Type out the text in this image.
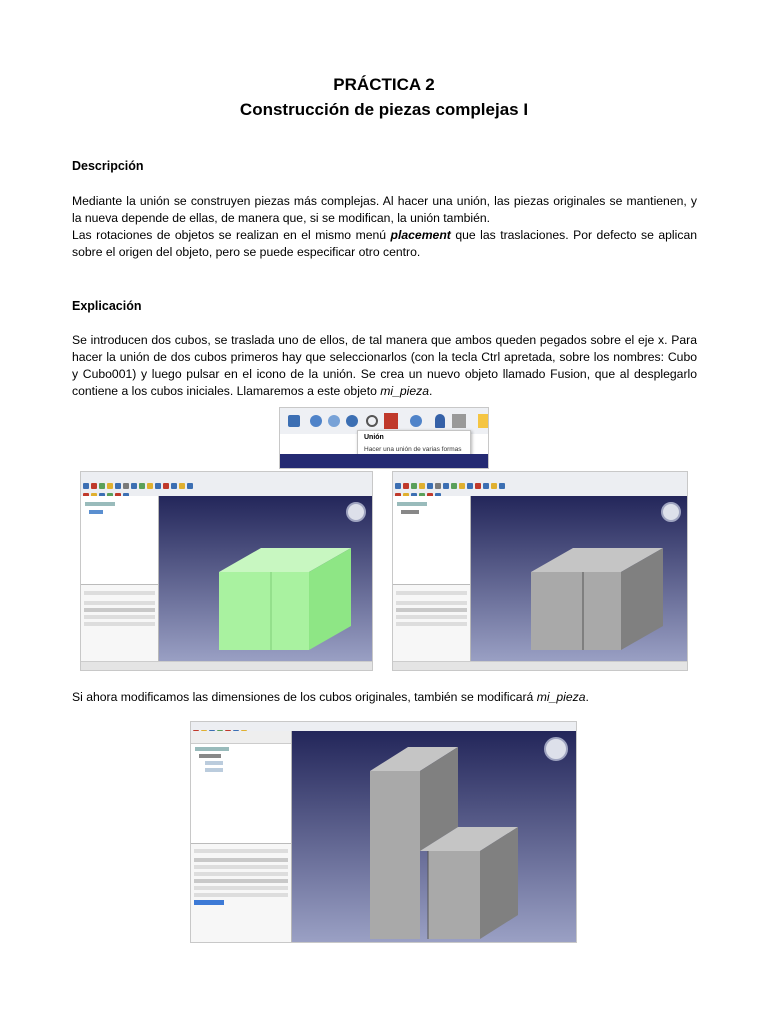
PRÁCTICA 2
Construcción de piezas complejas I
Descripción
Mediante la unión se construyen piezas más complejas. Al hacer una unión, las piezas originales se mantienen, y la nueva depende de ellas, de manera que, si se modifican, la unión también.
Las rotaciones de objetos se realizan en el mismo menú placement que las traslaciones. Por defecto se aplican sobre el origen del objeto, pero se puede especificar otro centro.
Explicación
Se introducen dos cubos, se traslada uno de ellos, de tal manera que ambos queden pegados sobre el eje x. Para hacer la unión de dos cubos primeros hay que seleccionarlos (con la tecla Ctrl apretada, sobre los nombres: Cubo y Cubo001) y luego pulsar en el icono de la unión. Se crea un nuevo objeto llamado Fusion, que al desplegarlo contiene a los cubos iniciales. Llamaremos a este objeto mi_pieza.
Unión
Hacer una unión de varias formas
Si ahora modificamos las dimensiones de los cubos originales, también se modificará mi_pieza.
